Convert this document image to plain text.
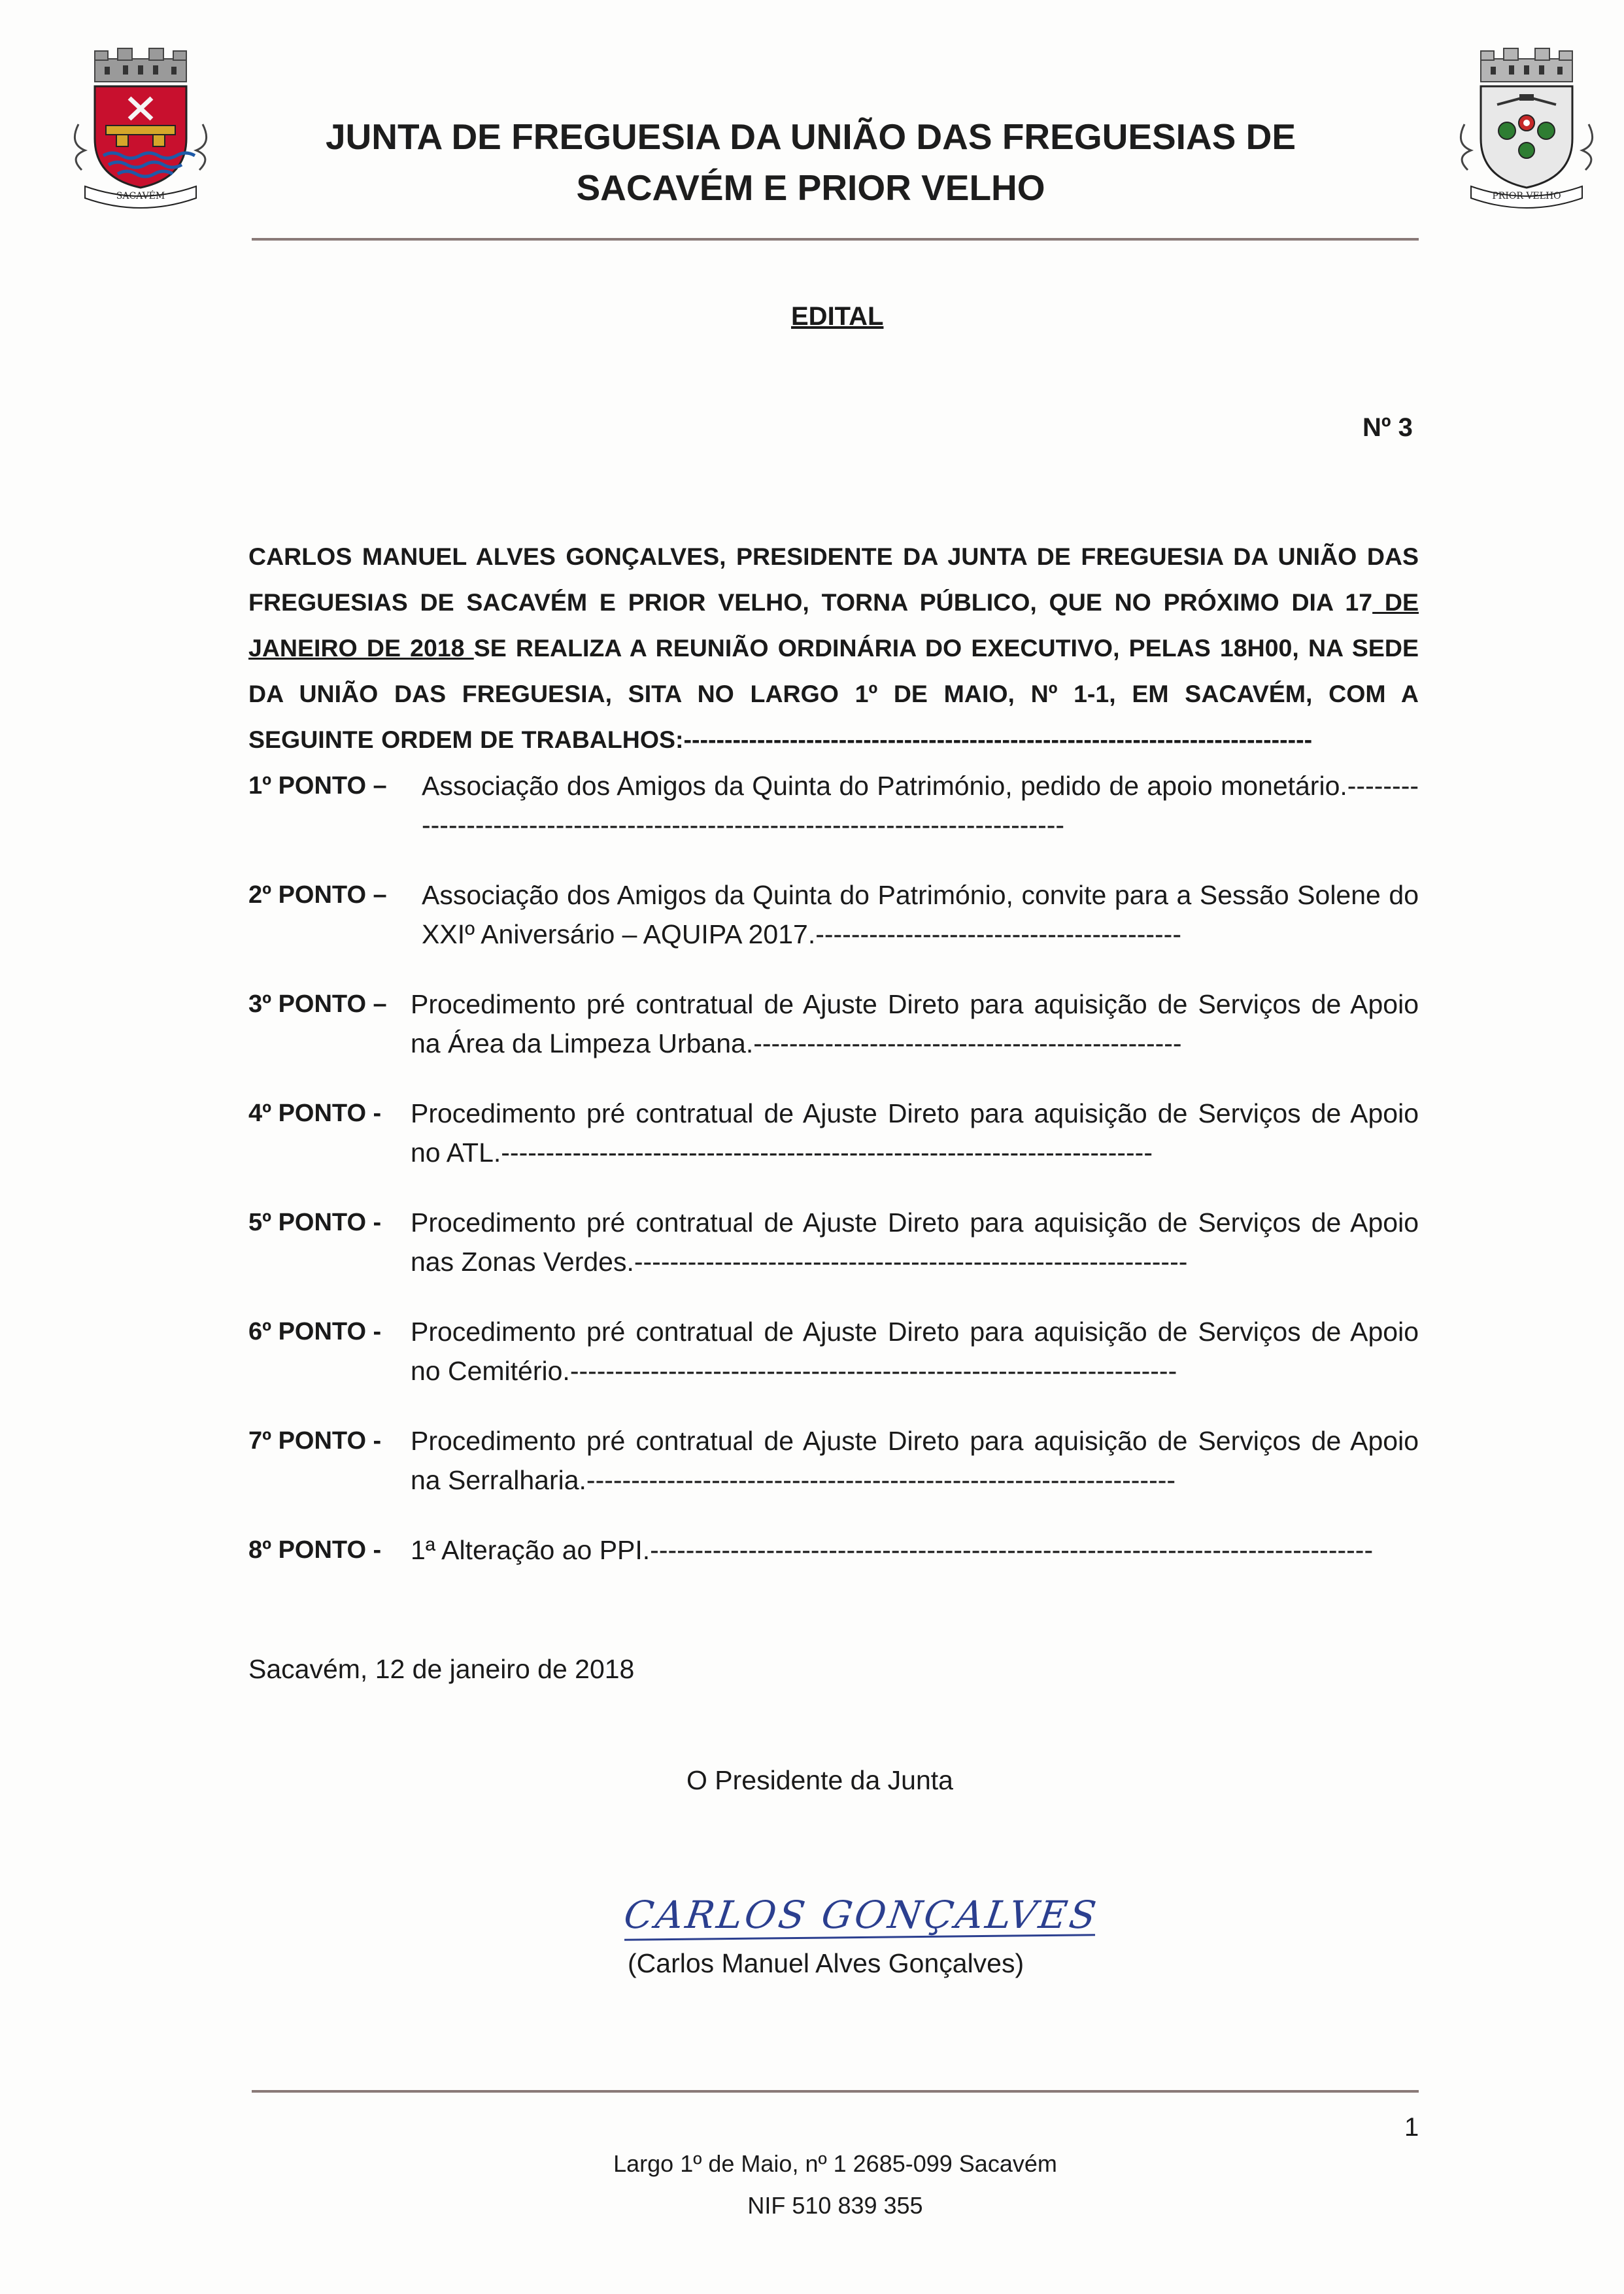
SACAVÉM	PRIOR VELHO
JUNTA DE FREGUESIA DA UNIÃO DAS FREGUESIAS DE SACAVÉM E PRIOR VELHO
EDITAL
Nº 3
CARLOS MANUEL ALVES GONÇALVES, PRESIDENTE DA JUNTA DE FREGUESIA DA UNIÃO DAS FREGUESIAS DE SACAVÉM E PRIOR VELHO, TORNA PÚBLICO, QUE NO PRÓXIMO DIA 17 DE JANEIRO DE 2018 SE REALIZA A REUNIÃO ORDINÁRIA DO EXECUTIVO, PELAS 18H00, NA SEDE DA UNIÃO DAS FREGUESIA, SITA NO LARGO 1º DE MAIO, Nº 1-1, EM SACAVÉM, COM A SEGUINTE ORDEM DE TRABALHOS:-----------------------------------------------------------------------------
1º PONTO –	Associação dos Amigos da Quinta do Património, pedido de apoio monetário.--------------------------------------------------------------------------------
2º PONTO –	Associação dos Amigos da Quinta do Património, convite para a Sessão Solene do XXIº Aniversário – AQUIPA 2017.-----------------------------------------
3º PONTO – Procedimento pré contratual de Ajuste Direto para aquisição de Serviços de Apoio na Área da Limpeza Urbana.------------------------------------------------
4º PONTO -	Procedimento pré contratual de Ajuste Direto para aquisição de Serviços de Apoio no ATL.-------------------------------------------------------------------------
5º PONTO -	Procedimento pré contratual de Ajuste Direto para aquisição de Serviços de Apoio nas Zonas Verdes.--------------------------------------------------------------
6º PONTO -	Procedimento pré contratual de Ajuste Direto para aquisição de Serviços de Apoio no Cemitério.--------------------------------------------------------------------
7º PONTO -	Procedimento pré contratual de Ajuste Direto para aquisição de Serviços de Apoio na Serralharia.------------------------------------------------------------------
8º PONTO -	1ª Alteração ao PPI.---------------------------------------------------------------------------------
Sacavém, 12 de janeiro de 2018
O Presidente da Junta
CARLOS GONÇALVES
(Carlos Manuel Alves Gonçalves)
1
Largo 1º de Maio, nº 1 2685-099 Sacavém
NIF 510 839 355
